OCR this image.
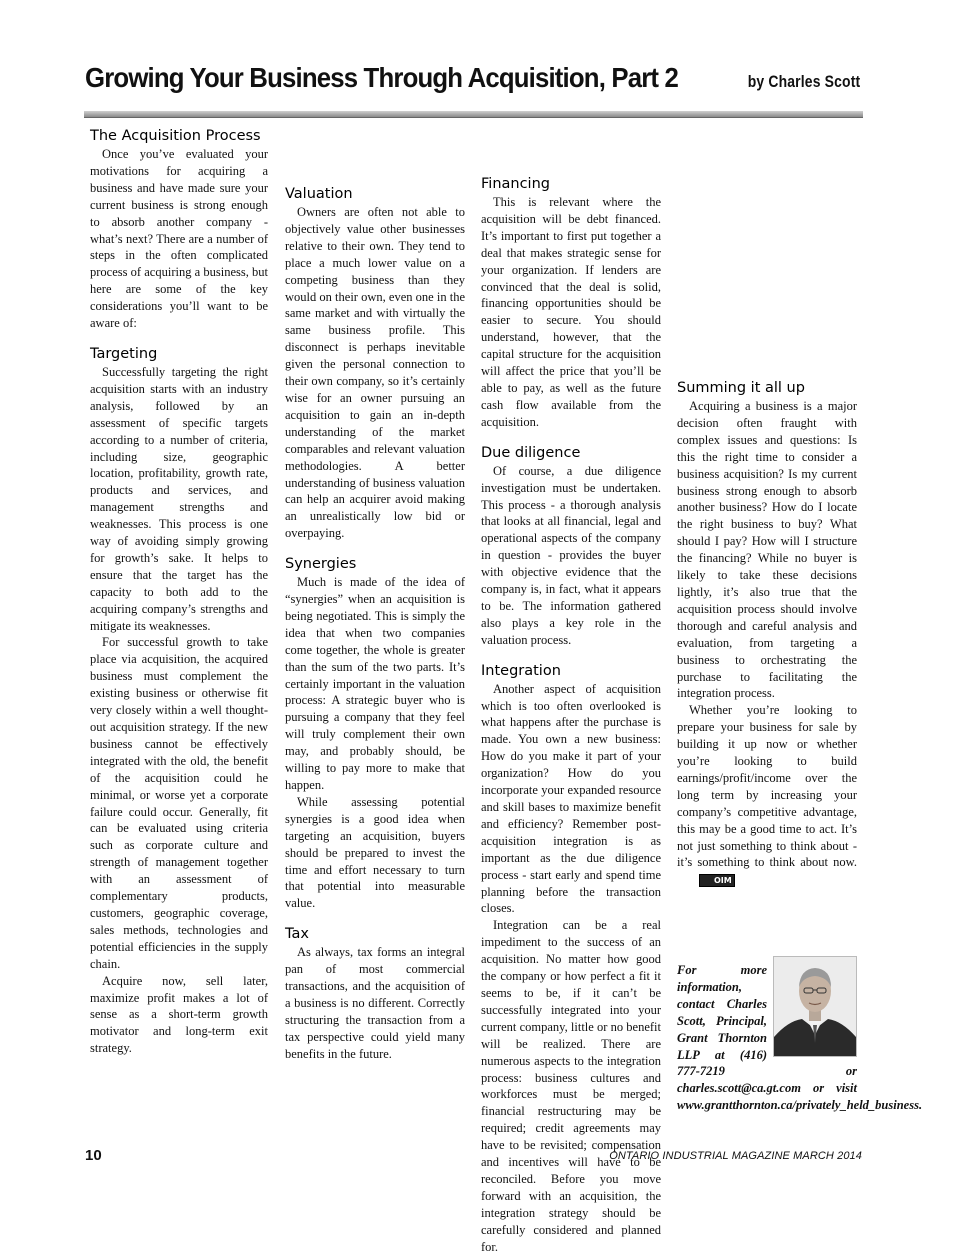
Growing Your Business Through Acquisition, Part 2	by Charles Scott
The Acquisition Process

Once you’ve evaluated your motivations for acquiring a business and have made sure your current business is strong enough to absorb another company - what’s next? There are a number of steps in the often complicated process of acquiring a business, but here are some of the key considerations you’ll want to be aware of:

Targeting

Successfully targeting the right acquisition starts with an industry analysis, followed by an assessment of specific targets according to a number of criteria, including size, geographic location, profitability, growth rate, products and services, and management strengths and weaknesses. This process is one way of avoiding simply growing for growth’s sake. It helps to ensure that the target has the capacity to both add to the acquiring company’s strengths and mitigate its weaknesses.

For successful growth to take place via acquisition, the acquired business must complement the existing business or otherwise fit very closely within a well thought-out acquisition strategy. If the new business cannot be effectively integrated with the old, the benefit of the acquisition could he minimal, or worse yet a corporate failure could occur. Generally, fit can be evaluated using criteria such as corporate culture and strength of management together with an assessment of complementary products, customers, geographic coverage, sales methods, technologies and potential efficiencies in the supply chain.

Acquire now, sell later, maximize profit makes a lot of sense as a short-term growth motivator and long-term exit strategy.

Valuation

Owners are often not able to objectively value other businesses relative to their own. They tend to place a much lower value on a competing business than they would on their own, even one in the same market and with virtually the same business profile. This disconnect is perhaps inevitable given the personal connection to their own company, so it’s certainly wise for an owner pursuing an acquisition to gain an in-depth understanding of the market comparables and relevant valuation methodologies. A better understanding of business valuation can help an acquirer avoid making an unrealistically low bid or overpaying.

Synergies

Much is made of the idea of “synergies” when an acquisition is being negotiated. This is simply the idea that when two companies come together, the whole is greater than the sum of the two parts. It’s certainly important in the valuation process: A strategic buyer who is pursuing a company that they feel will truly complement their own may, and probably should, be willing to pay more to make that happen.

While assessing potential synergies is a good idea when targeting an acquisition, buyers should be prepared to invest the time and effort necessary to turn that potential into measurable value.

Tax

As always, tax forms an integral pan of most commercial transactions, and the acquisition of a business is no different. Correctly structuring the transaction from a tax perspective could yield many benefits in the future.

Financing

This is relevant where the acquisition will be debt financed. It’s important to first put together a deal that makes strategic sense for your organization. If lenders are convinced that the deal is solid, financing opportunities should be easier to secure. You should understand, however, that the capital structure for the acquisition will affect the price that you’ll be able to pay, as well as the future cash flow available from the acquisition.

Due diligence

Of course, a due diligence investigation must be undertaken. This process - a thorough analysis that looks at all financial, legal and operational aspects of the company in question - provides the buyer with objective evidence that the company is, in fact, what it appears to be. The information gathered also plays a key role in the valuation process.

Integration

Another aspect of acquisition which is too often overlooked is what happens after the purchase is made. You own a new business: How do you make it part of your organization? How do you incorporate your expanded resource and skill bases to maximize benefit and efficiency? Remember post-acquisition integration is as important as the due diligence process - start early and spend time planning before the transaction closes.

Integration can be a real impediment to the success of an acquisition. No matter how good the company or how perfect a fit it seems to be, if it can’t be successfully integrated into your current company, little or no benefit will be realized. There are numerous aspects to the integration process: business cultures and workforces must be merged; financial restructuring may be required; credit agreements may have to be revisited; compensation and incentives will have to be reconciled. Before you move forward with an acquisition, the integration strategy should be carefully considered and planned for.

Summing it all up

Acquiring a business is a major decision often fraught with complex issues and questions: Is this the right time to consider a business acquisition? Is my current business strong enough to absorb another business? How do I locate the right business to buy? What should I pay? How will I structure the financing? While no buyer is likely to take these decisions lightly, it’s also true that the acquisition process should involve thorough and careful analysis and evaluation, from targeting a business to orchestrating the purchase to facilitating the integration process.

Whether you’re looking to prepare your business for sale by building it up now or whether you’re looking to build earnings/profit/income over the long term by increasing your company’s competitive advantage, this may be a good time to act. It’s not just something to think about - it’s something to think about now.OIM

For more information, contact Charles Scott, Principal, Grant Thornton LLP at (416) 777-7219 or charles.scott@ca.gt.com or visit www.grantthornton.ca/privately_held_business.
10	ONTARIO INDUSTRIAL MAGAZINE MARCH 2014
